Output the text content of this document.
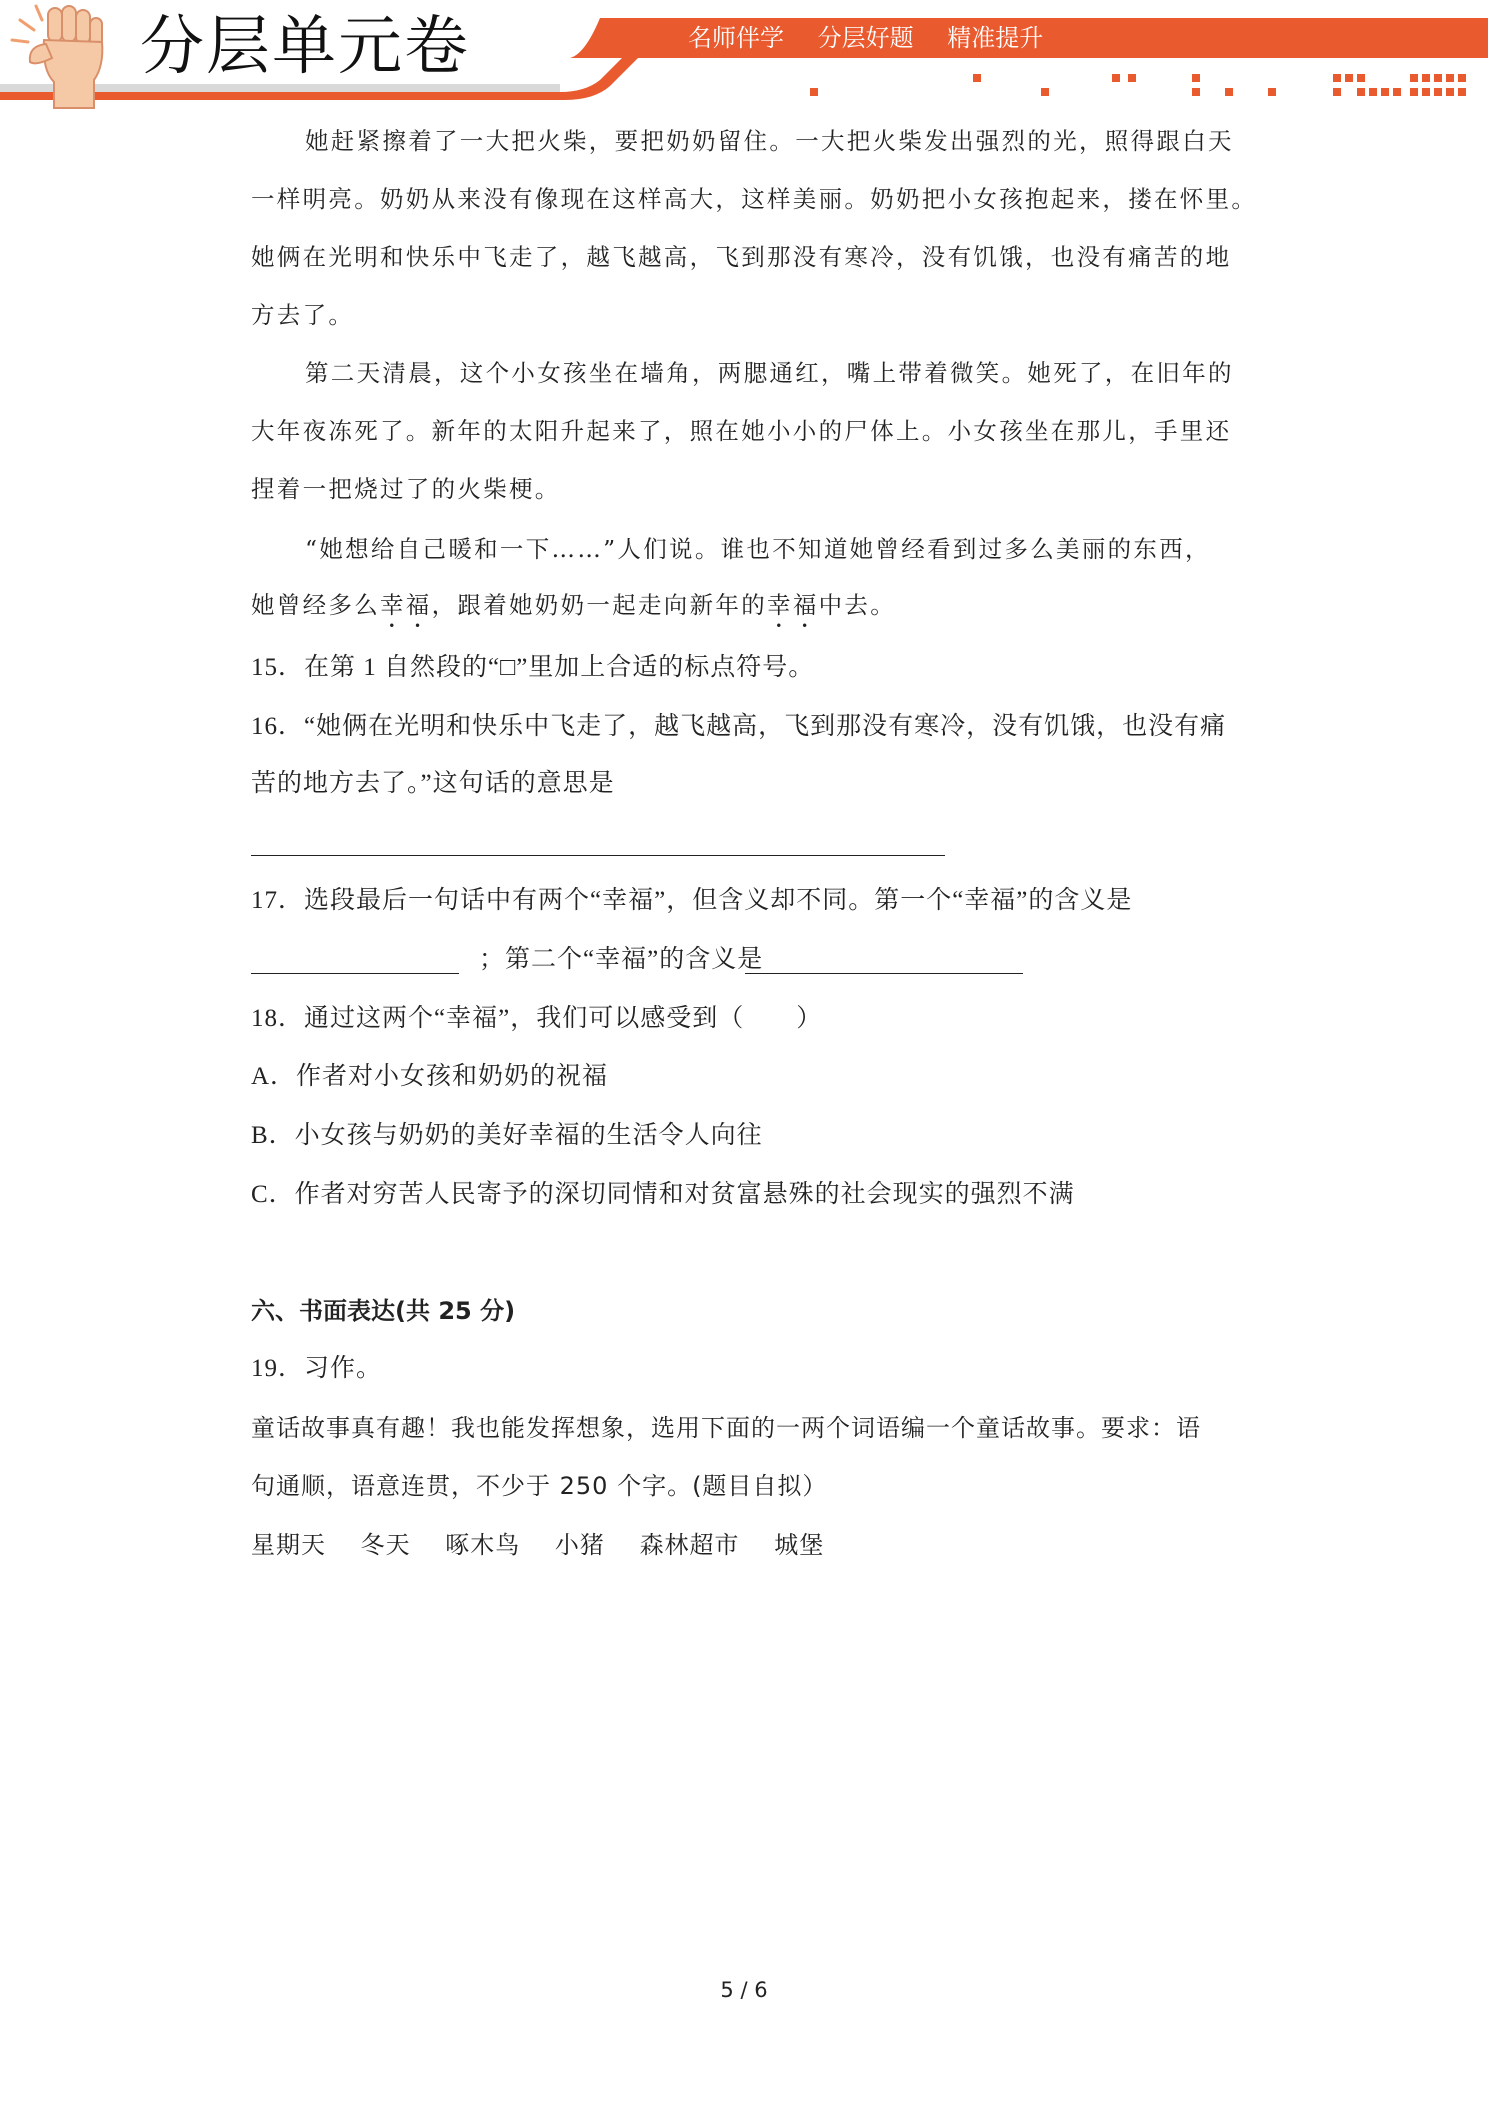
分层单元卷	名师伴学 分层好题 精准提升
她赶紧擦着了一大把火柴，要把奶奶留住。一大把火柴发出强烈的光，照得跟白天
一样明亮。奶奶从来没有像现在这样高大，这样美丽。奶奶把小女孩抱起来，搂在怀里。
她俩在光明和快乐中飞走了，越飞越高，飞到那没有寒冷，没有饥饿，也没有痛苦的地
方去了。
第二天清晨，这个小女孩坐在墙角，两腮通红，嘴上带着微笑。她死了，在旧年的
大年夜冻死了。新年的太阳升起来了，照在她小小的尸体上。小女孩坐在那儿，手里还
捏着一把烧过了的火柴梗。
“她想给自己暖和一下……”人们说。谁也不知道她曾经看到过多么美丽的东西，
她曾经多么幸福，跟着她奶奶一起走向新年的幸福中去。
15．在第 1 自然段的“□”里加上合适的标点符号。
16．“她俩在光明和快乐中飞走了，越飞越高，飞到那没有寒冷，没有饥饿，也没有痛
苦的地方去了。”这句话的意思是
17．选段最后一句话中有两个“幸福”，但含义却不同。第一个“幸福”的含义是
；第二个“幸福”的含义是
18．通过这两个“幸福”，我们可以感受到（　　）
A．作者对小女孩和奶奶的祝福
B．小女孩与奶奶的美好幸福的生活令人向往
C．作者对穷苦人民寄予的深切同情和对贫富悬殊的社会现实的强烈不满
六、书面表达(共 25 分)
19．习作。
童话故事真有趣！我也能发挥想象，选用下面的一两个词语编一个童话故事。要求：语
句通顺，语意连贯，不少于 250 个字。(题目自拟）
星期天 冬天 啄木鸟 小猪 森林超市 城堡
5 / 6
